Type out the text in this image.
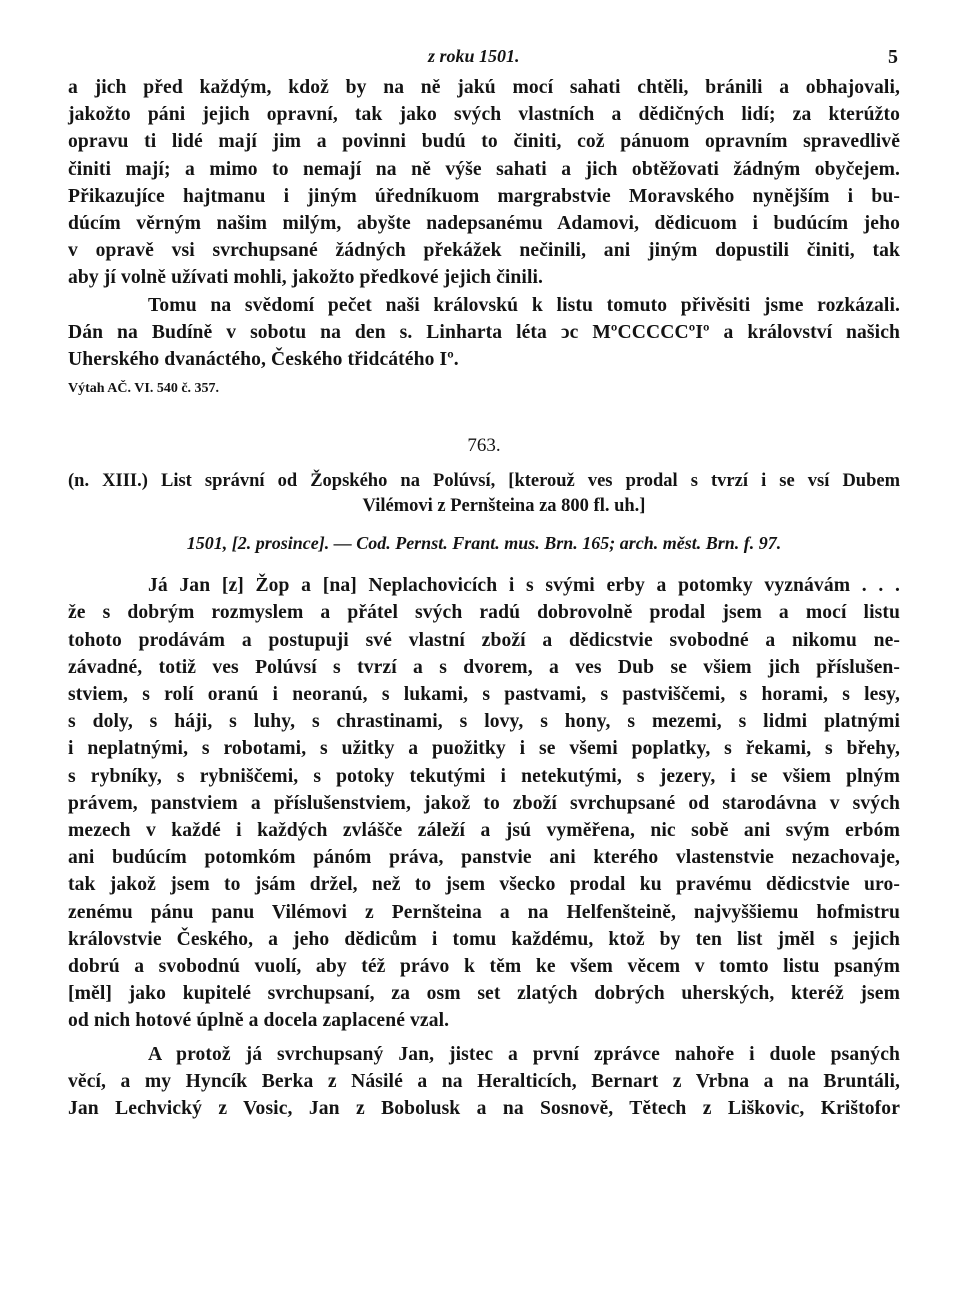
z roku 1501.	5

a jich před každým, kdož by na ně jakú mocí sahati chtěli, bránili a obhajovali,
jakožto páni jejich opravní, tak jako svých vlastních a dědičných lidí; za kterúžto
opravu ti lidé mají jim a povinni budú to činiti, což pánuom opravním spravedlivě
činiti mají; a mimo to nemají na ně výše sahati a jich obtěžovati žádným obyčejem.

Přikazujíce hajtmanu i jiným úředníkuom margrabstvie Moravského nynějším i bu-
dúcím věrným našim milým, abyšte nadepsanému Adamovi, dědicuom i budúcím jeho
v opravě vsi svrchupsané žádných překážek nečinili, ani jiným dopustili činiti, tak
aby jí volně užívati mohli, jakožto předkové jejich činili.

Tomu na svědomí pečet naši královskú k listu tomuto přivěsiti jsme rozkázali.
Dán na Budíně v sobotu na den s. Linharta léta ͻc MºCCCCCºIº a království našich
Uherského dvanáctého, Českého třidcátého Iº.

Výtah AČ. VI. 540 č. 357.

763.

(n. XIII.) List správní od Žopského na Polúvsí, [kterouž ves prodal s tvrzí i se vsí Dubem
Vilémovi z Pernšteina za 800 fl. uh.]

1501, [2. prosince]. — Cod. Pernst. Frant. mus. Brn. 165; arch. měst. Brn. f. 97.

Já Jan [z] Žop a [na] Neplachovicích i s svými erby a potomky vyznávám . . .
že s dobrým rozmyslem a přátel svých radú dobrovolně prodal jsem a mocí listu
tohoto prodávám a postupuji své vlastní zboží a dědicstvie svobodné a nikomu ne-
závadné, totiž ves Polúvsí s tvrzí a s dvorem, a ves Dub se všiem jich příslušen-
stviem, s rolí oranú i neoranú, s lukami, s pastvami, s pastviščemi, s horami, s lesy,
s doly, s háji, s luhy, s chrastinami, s lovy, s hony, s mezemi, s lidmi platnými
i neplatnými, s robotami, s užitky a puožitky i se všemi poplatky, s řekami, s břehy,
s rybníky, s rybniščemi, s potoky tekutými i netekutými, s jezery, i se všiem plným
právem, panstviem a příslušenstviem, jakož to zboží svrchupsané od starodávna v svých
mezech v každé i každých zvláščе záleží a jsú vyměřena, nic sobě ani svým erbóm
ani budúcím potomkóm pánóm práva, panstvie ani kterého vlastenstvie nezachovaje,
tak jakož jsem to jsám držel, než to jsem všecko prodal ku pravému dědicstvie uro-
zenému pánu panu Vilémovi z Pernšteina a na Helfenšteině, najvyššiemu hofmistru
královstvie Českého, a jeho dědicům i tomu každému, ktož by ten list jměl s jejich
dobrú a svobodnú vuolí, aby též právo k těm ke všem věcem v tomto listu psaným
[měl] jako kupitelé svrchupsaní, za osm set zlatých dobrých uherských, kteréž jsem
od nich hotové úplně a docela zaplacené vzal.

A protož já svrchupsaný Jan, jistec a první zprávce nahoře i duole psaných
věcí, a my Hyncík Berka z Násilé a na Heralticích, Bernart z Vrbna a na Bruntáli,
Jan Lechvický z Vosic, Jan z Bobolusk a na Sosnově, Tětech z Liškovic, Krištofor
